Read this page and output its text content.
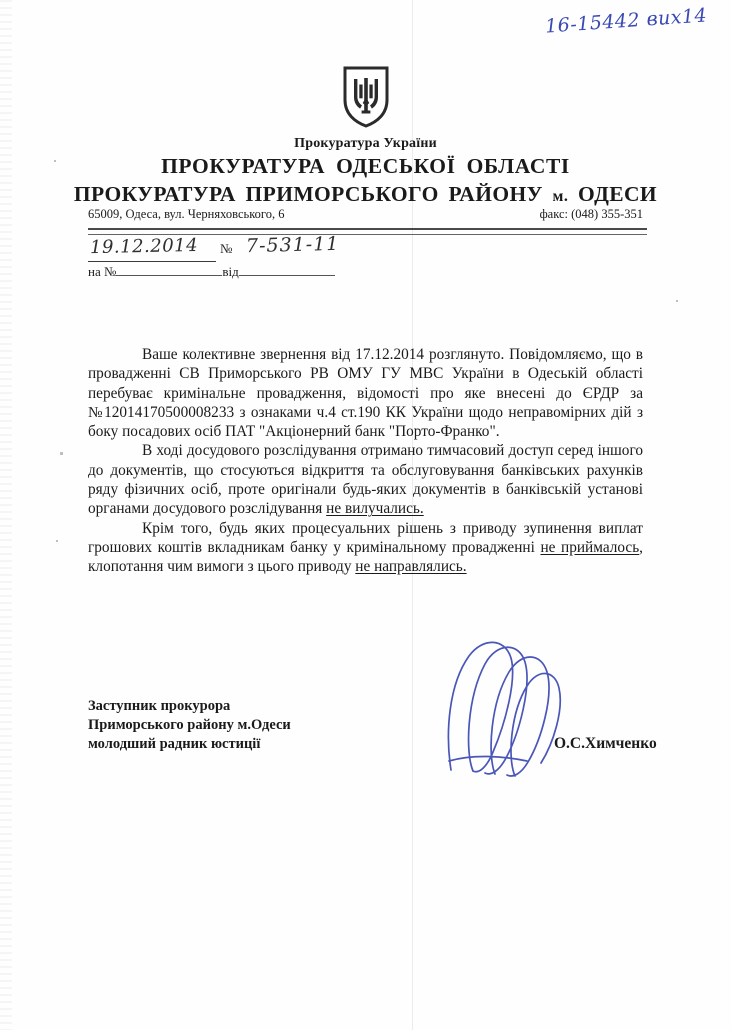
16-15442 вих14
Прокуратура України
ПРОКУРАТУРА ОДЕСЬКОЇ ОБЛАСТІ
ПРОКУРАТУРА ПРИМОРСЬКОГО РАЙОНУ м. ОДЕСИ
65009, Одеса, вул. Черняховського, 6	факс: (048) 355-351
19.12.2014 № 7-531-11
на №	від

Ваше колективне звернення від 17.12.2014 розглянуто. Повідомляємо, що в провадженні СВ Приморського РВ ОМУ ГУ МВС України в Одеській області перебуває кримінальне провадження, відомості про яке внесені до ЄРДР за №12014170500008233 з ознаками ч.4 ст.190 КК України щодо неправомірних дій з боку посадових осіб ПАТ "Акціонерний банк "Порто-Франко".

В ході досудового розслідування отримано тимчасовий доступ серед іншого до документів, що стосуються відкриття та обслуговування банківських рахунків ряду фізичних осіб, проте оригінали будь-яких документів в банківській установі органами досудового розслідування не вилучались.

Крім того, будь яких процесуальних рішень з приводу зупинення виплат грошових коштів вкладникам банку у кримінальному провадженні не приймалось, клопотання чим вимоги з цього приводу не направлялись.

Заступник прокурора
Приморського району м.Одеси
молодший радник юстиції	О.С.Химченко
